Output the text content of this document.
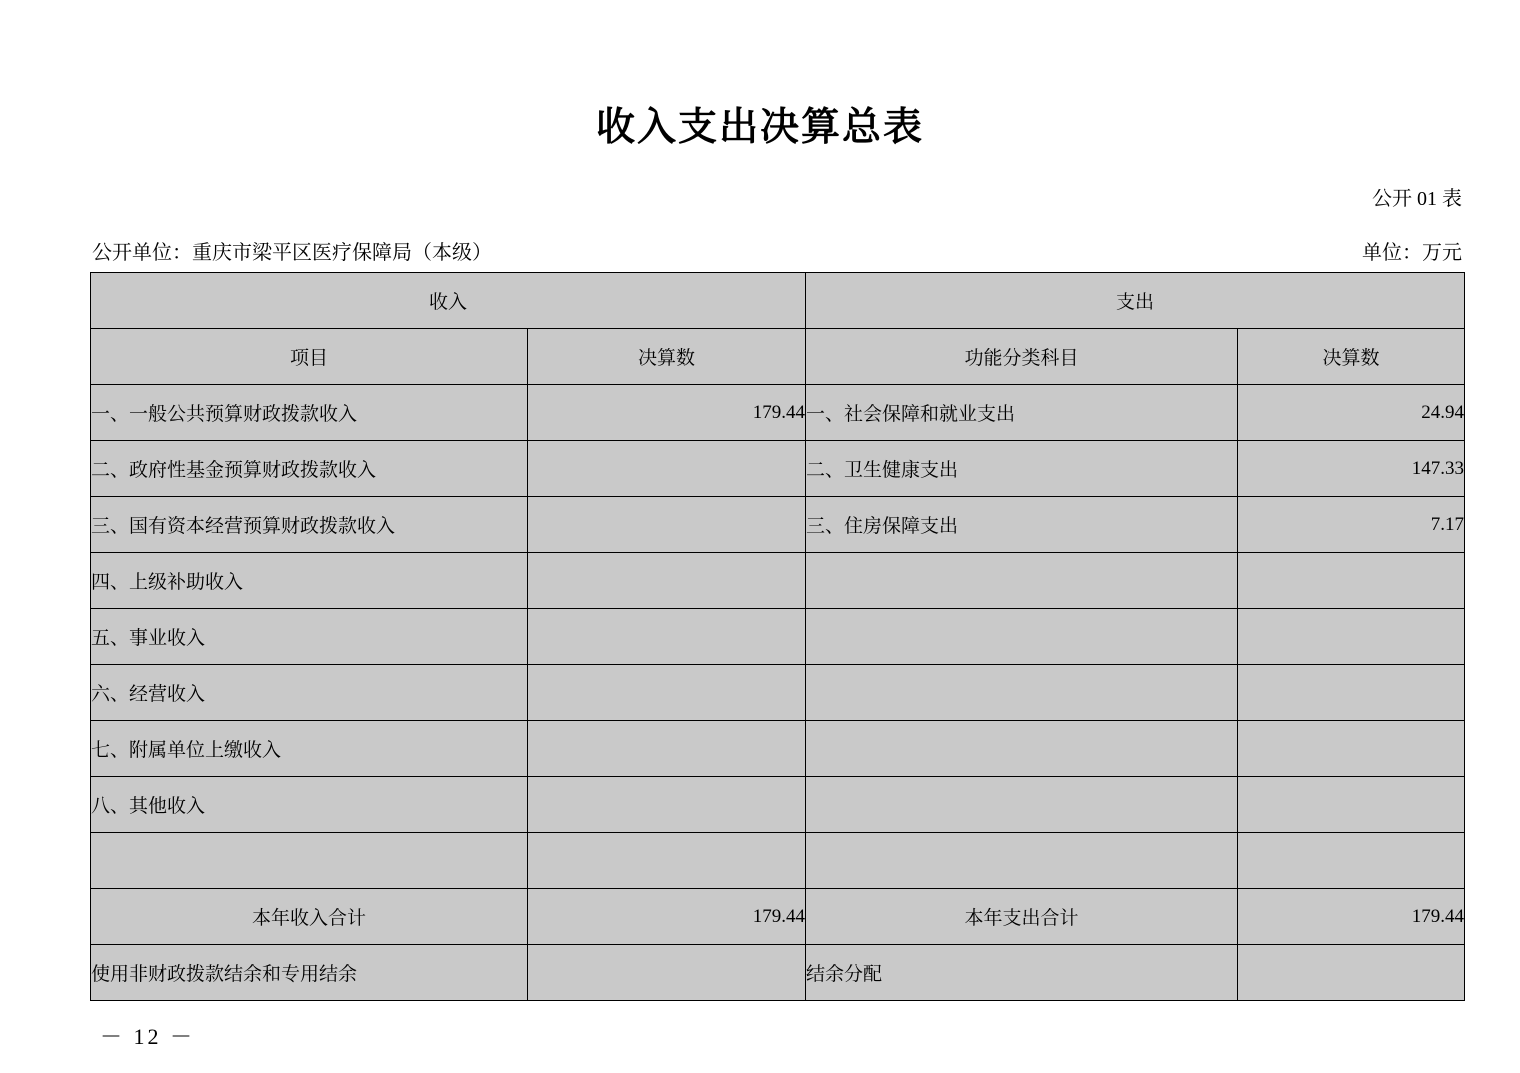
收入支出决算总表
公开 01 表
公开单位：重庆市梁平区医疗保障局（本级）	单位：万元
收入		支出	
项目	决算数	功能分类科目	决算数
一、一般公共预算财政拨款收入	179.44	一、社会保障和就业支出	24.94
二、政府性基金预算财政拨款收入		二、卫生健康支出	147.33
三、国有资本经营预算财政拨款收入		三、住房保障支出	7.17
四、上级补助收入			
五、事业收入			
六、经营收入			
七、附属单位上缴收入			
八、其他收入			

本年收入合计	179.44	本年支出合计	179.44
使用非财政拨款结余和专用结余		结余分配	
－ 12 －
